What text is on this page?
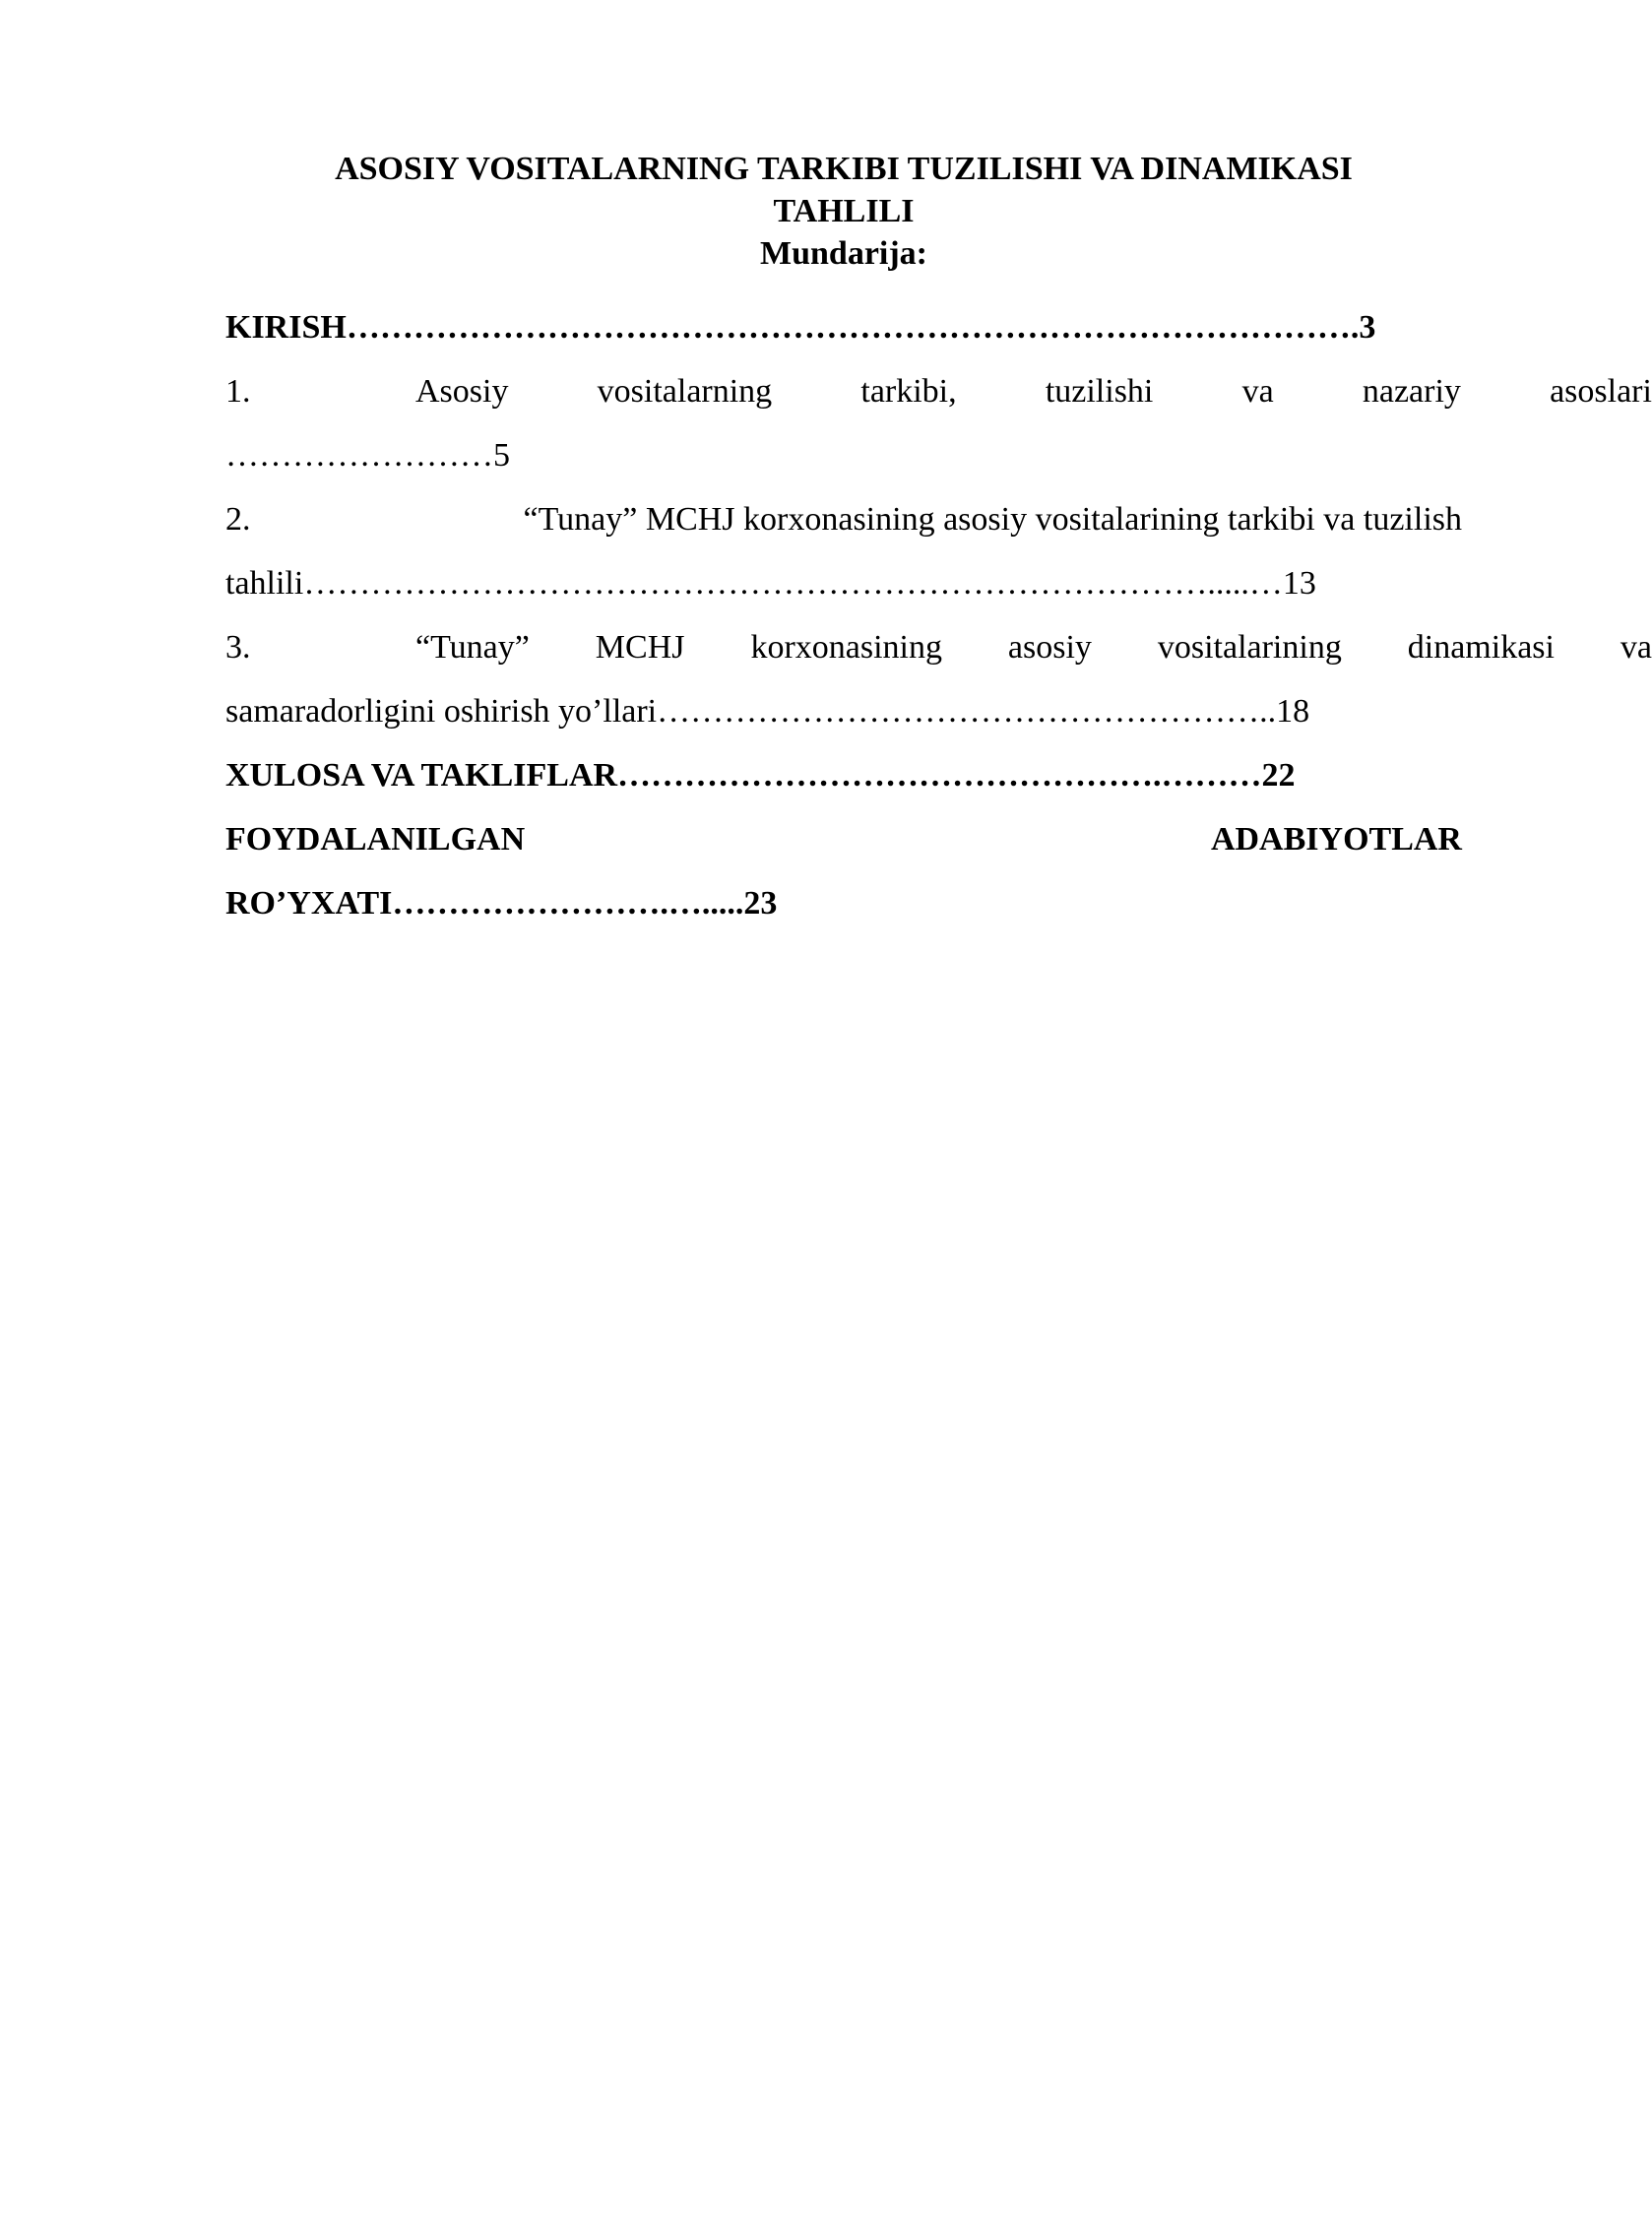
ASOSIY VOSITALARNING TARKIBI TUZILISHI VA DINAMIKASI
TAHLILI
Mundarija:
KIRISH……………………………………………………………………………….3
1.	Asosiy	vositalarning	tarkibi,	tuzilishi	va	nazariy	asoslari
……………………5
2.	“Tunay” MCHJ korxonasining asosiy vositalarining tarkibi va tuzilish
tahlili……………………………………………………………………….....…13
3.	“Tunay” MCHJ korxonasining asosiy vositalarining dinamikasi va
samaradorligini oshirish yo’llari………………………………………………..18
XULOSA VA TAKLIFLAR………………………………………….………22
FOYDALANILGAN	ADABIYOTLAR
RO’YXATI…………………….….....23
